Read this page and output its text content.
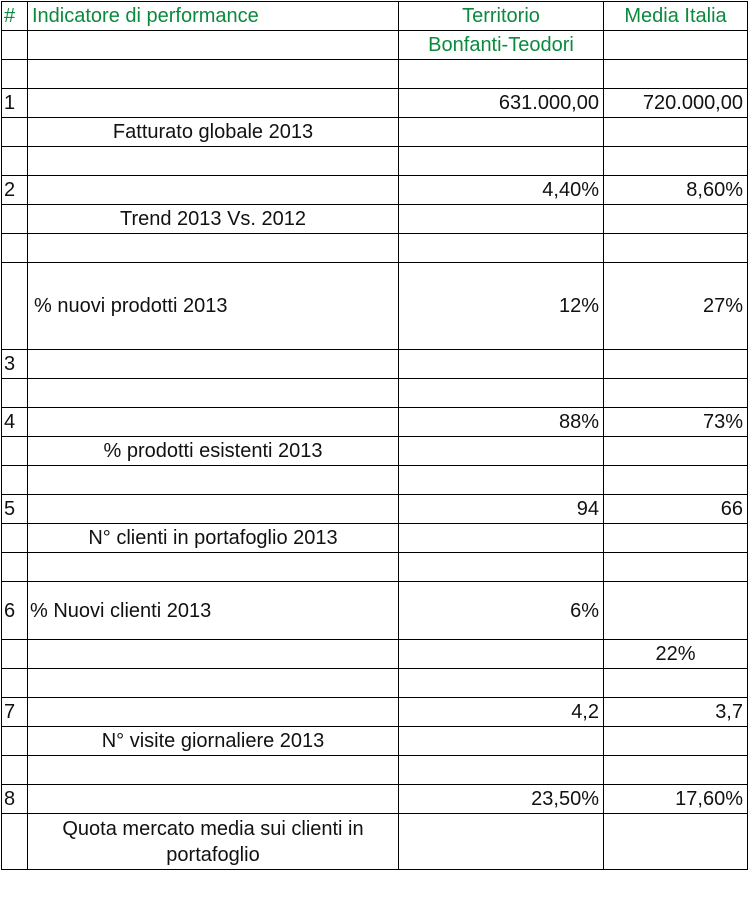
#	Indicatore di performance	Territorio	Media Italia
		Bonfanti-Teodori	

1		631.000,00	720.000,00
	Fatturato globale 2013		

2		4,40%	8,60%
	Trend 2013 Vs. 2012		

	% nuovi prodotti 2013	12%	27%
3			

4		88%	73%
	% prodotti esistenti 2013		

5		94	66
	N° clienti in portafoglio 2013		

6	% Nuovi clienti 2013	6%	
			22%

7		4,2	3,7
	N° visite giornaliere 2013		

8		23,50%	17,60%
	Quota mercato media sui clienti in portafoglio		
